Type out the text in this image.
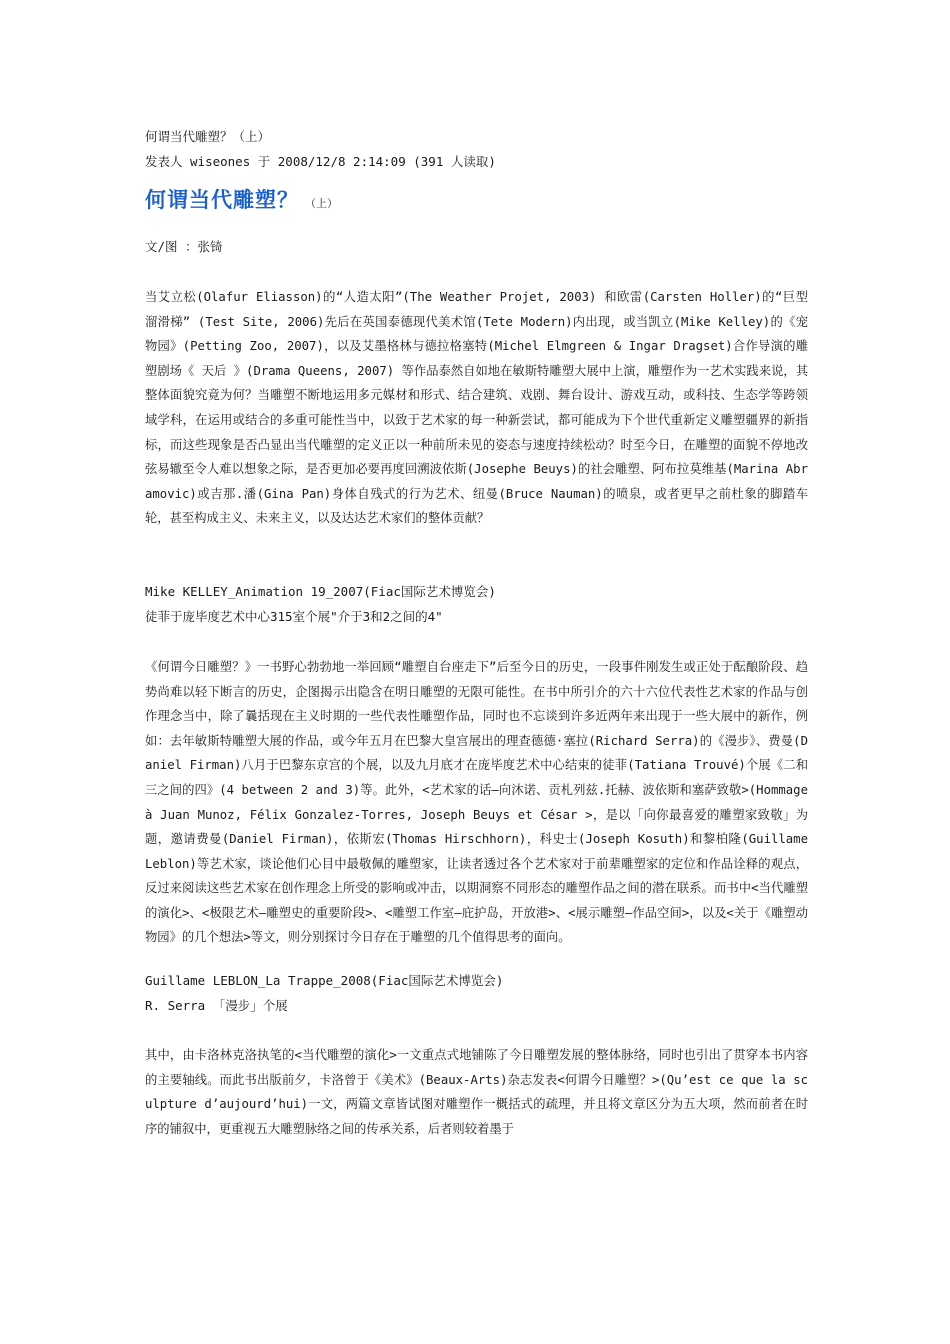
何谓当代雕塑？（上）

发表人 wiseones 于 2008/12/8 2:14:09 (391 人读取)

何谓当代雕塑？ （上）

文/图 ：张锜

当艾立松(Olafur Eliasson)的“人造太阳”(The Weather Projet, 2003) 和欧雷(Carsten Holler)的“巨型溜滑梯” (Test Site, 2006)先后在英国泰德现代美术馆(Tete Modern)内出现，或当凯立(Mike Kelley)的《宠物园》(Petting Zoo, 2007)，以及艾墨格林与德拉格塞特(Michel Elmgreen & Ingar Dragset)合作导演的雕塑剧场《 天后 》(Drama Queens, 2007) 等作品泰然自如地在敏斯特雕塑大展中上演，雕塑作为一艺术实践来说，其整体面貌究竟为何？当雕塑不断地运用多元媒材和形式、结合建筑、戏剧、舞台设计、游戏互动，或科技、生态学等跨领域学科，在运用或结合的多重可能性当中，以致于艺术家的每一种新尝试，都可能成为下个世代重新定义雕塑疆界的新指标，而这些现象是否凸显出当代雕塑的定义正以一种前所未见的姿态与速度持续松动？时至今日，在雕塑的面貌不停地改弦易辙至令人难以想象之际，是否更加必要再度回溯波依斯(Josephe Beuys)的社会雕塑、阿布拉莫维基(Marina Abramovic)或吉那.潘(Gina Pan)身体自残式的行为艺术、纽曼(Bruce Nauman)的喷泉，或者更早之前杜象的脚踏车轮，甚至构成主义、未来主义，以及达达艺术家们的整体贡献？

Mike KELLEY_Animation 19_2007(Fiac国际艺术博览会)

徒菲于庞毕度艺术中心315室个展"介于3和2之间的4"

《何谓今日雕塑？》一书野心勃勃地一举回顾“雕塑自台座走下”后至今日的历史，一段事件刚发生或正处于酝酿阶段、趋势尚难以轻下断言的历史，企图揭示出隐含在明日雕塑的无限可能性。在书中所引介的六十六位代表性艺术家的作品与创作理念当中，除了曩括现在主义时期的一些代表性雕塑作品，同时也不忘谈到许多近两年来出现于一些大展中的新作，例如：去年敏斯特雕塑大展的作品，或今年五月在巴黎大皇宫展出的理查德德·塞拉(Richard Serra)的《漫步》、费曼(Daniel Firman)八月于巴黎东京宫的个展，以及九月底才在庞毕度艺术中心结束的徒菲(Tatiana Trouvé)个展《二和三之间的四》(4 between 2 and 3)等。此外，<艺术家的话—向沐诺、贡札列兹.托赫、波依斯和塞萨致敬>(Hommage à Juan Munoz, Félix Gonzalez-Torres, Joseph Beuys et César >，是以「向你最喜爱的雕塑家致敬」为题，邀请费曼(Daniel Firman)，依斯宏(Thomas Hirschhorn)，科史士(Joseph Kosuth)和黎柏隆(Guillame Leblon)等艺术家，谈论他们心目中最敬佩的雕塑家，让读者透过各个艺术家对于前辈雕塑家的定位和作品诠释的观点，反过来阅读这些艺术家在创作理念上所受的影响或冲击，以期洞察不同形态的雕塑作品之间的潜在联系。而书中<当代雕塑的演化>、<极限艺术—雕塑史的重要阶段>、<雕塑工作室—庇护岛，开放港>、<展示雕塑—作品空间>，以及<关于《雕塑动物园》的几个想法>等文，则分别探讨今日存在于雕塑的几个值得思考的面向。

Guillame LEBLON_La Trappe_2008(Fiac国际艺术博览会)

R. Serra 「漫步」个展

其中，由卡洛林克洛执笔的<当代雕塑的演化>一文重点式地铺陈了今日雕塑发展的整体脉络，同时也引出了贯穿本书内容的主要轴线。而此书出版前夕，卡洛曾于《美术》(Beaux-Arts)杂志发表<何谓今日雕塑？>(Qu’est ce que la sculpture d’aujourd’hui)一文，两篇文章皆试图对雕塑作一概括式的疏理，并且将文章区分为五大项，然而前者在时序的铺叙中，更重视五大雕塑脉络之间的传承关系，后者则较着墨于
